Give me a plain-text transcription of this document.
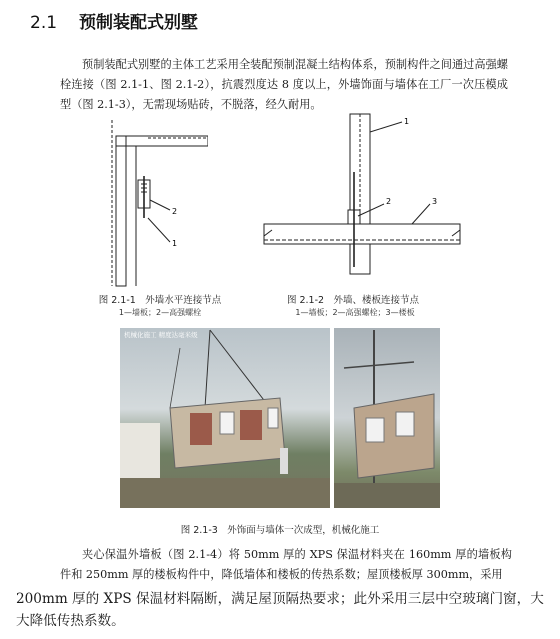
2.1 预制装配式别墅
预制装配式别墅的主体工艺采用全装配预制混凝土结构体系，预制构件之间通过高强螺栓连接（图 2.1-1、图 2.1-2），抗震烈度达 8 度以上，外墙饰面与墙体在工厂一次压模成型（图 2.1-3），无需现场贴砖，不脱落，经久耐用。
2
1
图 2.1-1　外墙水平连接节点
1—墙板；2—高强螺栓
1
2	3
图 2.1-2　外墙、楼板连接节点
1—墙板；2—高强螺栓；3—楼板
机械化施工 精度达毫米级
图 2.1-3　外饰面与墙体一次成型，机械化施工
夹心保温外墙板（图 2.1-4）将 50mm 厚的 XPS 保温材料夹在 160mm 厚的墙板构件和 250mm 厚的楼板构件中，降低墙体和楼板的传热系数；屋顶楼板厚 300mm，采用
200mm 厚的 XPS 保温材料隔断，满足屋顶隔热要求；此外采用三层中空玻璃门窗，大大降低传热系数。
